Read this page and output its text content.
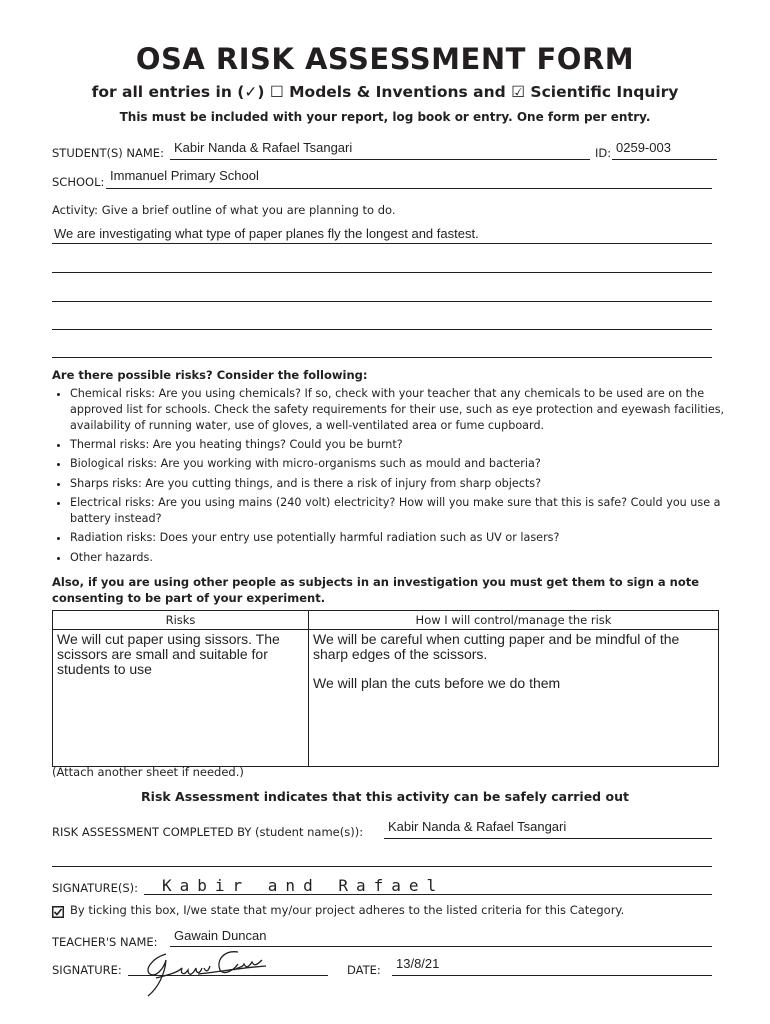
OSA RISK ASSESSMENT FORM
for all entries in (✓) ☐ Models & Inventions and ☑ Scientific Inquiry
This must be included with your report, log book or entry. One form per entry.
STUDENT(S) NAME: Kabir Nanda & Rafael Tsangari	ID: 0259-003
SCHOOL: Immanuel Primary School
Activity: Give a brief outline of what you are planning to do.
We are investigating what type of paper planes fly the longest and fastest.
Are there possible risks? Consider the following:
• Chemical risks: Are you using chemicals? If so, check with your teacher that any chemicals to be used are on the approved list for schools. Check the safety requirements for their use, such as eye protection and eyewash facilities, availability of running water, use of gloves, a well-ventilated area or fume cupboard.
• Thermal risks: Are you heating things? Could you be burnt?
• Biological risks: Are you working with micro-organisms such as mould and bacteria?
• Sharps risks: Are you cutting things, and is there a risk of injury from sharp objects?
• Electrical risks: Are you using mains (240 volt) electricity? How will you make sure that this is safe? Could you use a battery instead?
• Radiation risks: Does your entry use potentially harmful radiation such as UV or lasers?
• Other hazards.
Also, if you are using other people as subjects in an investigation you must get them to sign a note consenting to be part of your experiment.
Risks	How I will control/manage the risk
We will cut paper using sissors. The scissors are small and suitable for students to use	We will be careful when cutting paper and be mindful of the sharp edges of the scissors.
We will plan the cuts before we do them
(Attach another sheet if needed.)
Risk Assessment indicates that this activity can be safely carried out
RISK ASSESSMENT COMPLETED BY (student name(s)): Kabir Nanda & Rafael Tsangari
SIGNATURE(S): Kabir and Rafael
By ticking this box, I/we state that my/our project adheres to the listed criteria for this Category.
TEACHER'S NAME: Gawain Duncan
SIGNATURE:	DATE: 13/8/21
